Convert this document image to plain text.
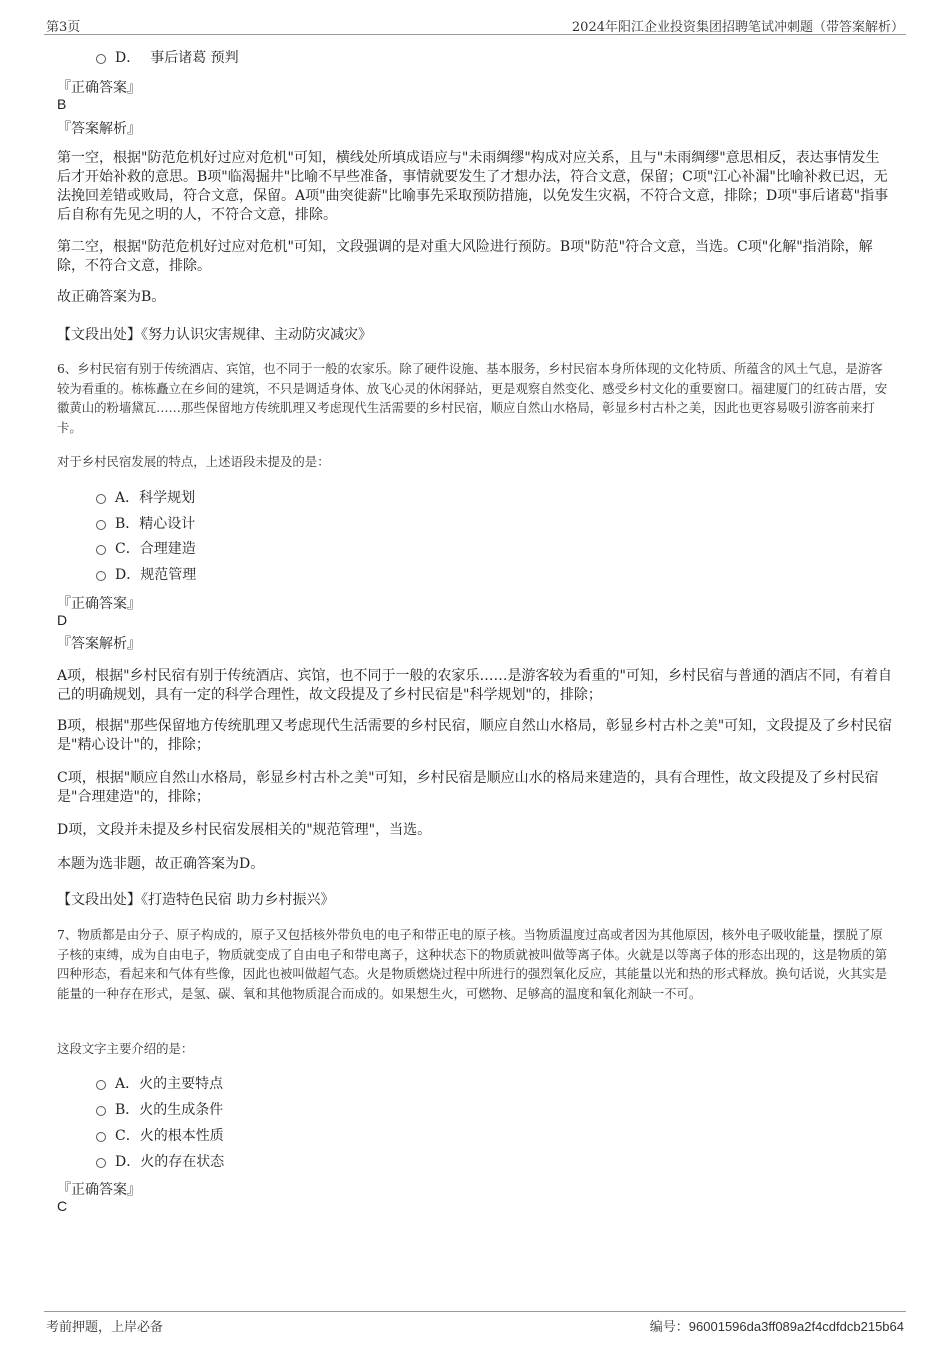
第3页	2024年阳江企业投资集团招聘笔试冲刺题（带答案解析）
D． 事后诸葛 预判
『正确答案』
B
『答案解析』
第一空，根据"防范危机好过应对危机"可知，横线处所填成语应与"未雨绸缪"构成对应关系，且与"未雨绸缪"意思相反，表达事情发生后才开始补救的意思。B项"临渴掘井"比喻不早些准备，事情就要发生了才想办法，符合文意，保留；C项"江心补漏"比喻补救已迟，无法挽回差错或败局，符合文意，保留。A项"曲突徙薪"比喻事先采取预防措施，以免发生灾祸，不符合文意，排除；D项"事后诸葛"指事后自称有先见之明的人，不符合文意，排除。
第二空，根据"防范危机好过应对危机"可知，文段强调的是对重大风险进行预防。B项"防范"符合文意，当选。C项"化解"指消除，解除，不符合文意，排除。
故正确答案为B。
【文段出处】《努力认识灾害规律、主动防灾减灾》
6、乡村民宿有别于传统酒店、宾馆，也不同于一般的农家乐。除了硬件设施、基本服务，乡村民宿本身所体现的文化特质、所蕴含的风土气息，是游客较为看重的。栋栋矗立在乡间的建筑，不只是调适身体、放飞心灵的休闲驿站，更是观察自然变化、感受乡村文化的重要窗口。福建厦门的红砖古厝，安徽黄山的粉墙黛瓦……那些保留地方传统肌理又考虑现代生活需要的乡村民宿，顺应自然山水格局，彰显乡村古朴之美，因此也更容易吸引游客前来打卡。
对于乡村民宿发展的特点，上述语段未提及的是：
A． 科学规划
B． 精心设计
C． 合理建造
D． 规范管理
『正确答案』
D
『答案解析』
A项，根据"乡村民宿有别于传统酒店、宾馆，也不同于一般的农家乐……是游客较为看重的"可知，乡村民宿与普通的酒店不同，有着自己的明确规划，具有一定的科学合理性，故文段提及了乡村民宿是"科学规划"的，排除；
B项，根据"那些保留地方传统肌理又考虑现代生活需要的乡村民宿，顺应自然山水格局，彰显乡村古朴之美"可知，文段提及了乡村民宿是"精心设计"的，排除；
C项，根据"顺应自然山水格局，彰显乡村古朴之美"可知，乡村民宿是顺应山水的格局来建造的，具有合理性，故文段提及了乡村民宿是"合理建造"的，排除；
D项，文段并未提及乡村民宿发展相关的"规范管理"，当选。
本题为选非题，故正确答案为D。
【文段出处】《打造特色民宿 助力乡村振兴》
7、物质都是由分子、原子构成的，原子又包括核外带负电的电子和带正电的原子核。当物质温度过高或者因为其他原因，核外电子吸收能量，摆脱了原子核的束缚，成为自由电子，物质就变成了自由电子和带电离子，这种状态下的物质就被叫做等离子体。火就是以等离子体的形态出现的，这是物质的第四种形态，看起来和气体有些像，因此也被叫做超气态。火是物质燃烧过程中所进行的强烈氧化反应，其能量以光和热的形式释放。换句话说，火其实是能量的一种存在形式，是氢、碳、氧和其他物质混合而成的。如果想生火，可燃物、足够高的温度和氧化剂缺一不可。
这段文字主要介绍的是：
A． 火的主要特点
B． 火的生成条件
C． 火的根本性质
D． 火的存在状态
『正确答案』
C
考前押题，上岸必备	编号：96001596da3ff089a2f4cdfdcb215b64
